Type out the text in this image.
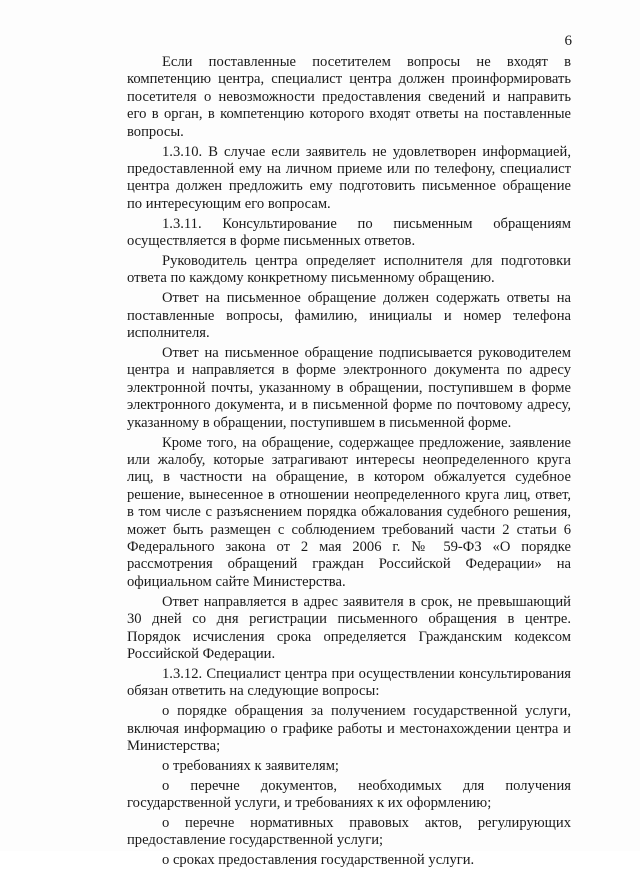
6

Если поставленные посетителем вопросы не входят в компетенцию центра, специалист центра должен проинформировать посетителя о невозможности предоставления сведений и направить его в орган, в компетенцию которого входят ответы на поставленные вопросы.

1.3.10. В случае если заявитель не удовлетворен информацией, предоставленной ему на личном приеме или по телефону, специалист центра должен предложить ему подготовить письменное обращение по интересующим его вопросам.

1.3.11. Консультирование по письменным обращениям осуществляется в форме письменных ответов.

Руководитель центра определяет исполнителя для подготовки ответа по каждому конкретному письменному обращению.

Ответ на письменное обращение должен содержать ответы на поставленные вопросы, фамилию, инициалы и номер телефона исполнителя.

Ответ на письменное обращение подписывается руководителем центра и направляется в форме электронного документа по адресу электронной почты, указанному в обращении, поступившем в форме электронного документа, и в письменной форме по почтовому адресу, указанному в обращении, поступившем в письменной форме.

Кроме того, на обращение, содержащее предложение, заявление или жалобу, которые затрагивают интересы неопределенного круга лиц, в частности на обращение, в котором обжалуется судебное решение, вынесенное в отношении неопределенного круга лиц, ответ, в том числе с разъяснением порядка обжалования судебного решения, может быть размещен с соблюдением требований части 2 статьи 6 Федерального закона от 2 мая 2006 г. № 59-ФЗ «О порядке рассмотрения обращений граждан Российской Федерации» на официальном сайте Министерства.

Ответ направляется в адрес заявителя в срок, не превышающий 30 дней со дня регистрации письменного обращения в центре. Порядок исчисления срока определяется Гражданским кодексом Российской Федерации.

1.3.12. Специалист центра при осуществлении консультирования обязан ответить на следующие вопросы:

о порядке обращения за получением государственной услуги, включая информацию о графике работы и местонахождении центра и Министерства;

о требованиях к заявителям;

о перечне документов, необходимых для получения государственной услуги, и требованиях к их оформлению;

о перечне нормативных правовых актов, регулирующих предоставление государственной услуги;

о сроках предоставления государственной услуги.
